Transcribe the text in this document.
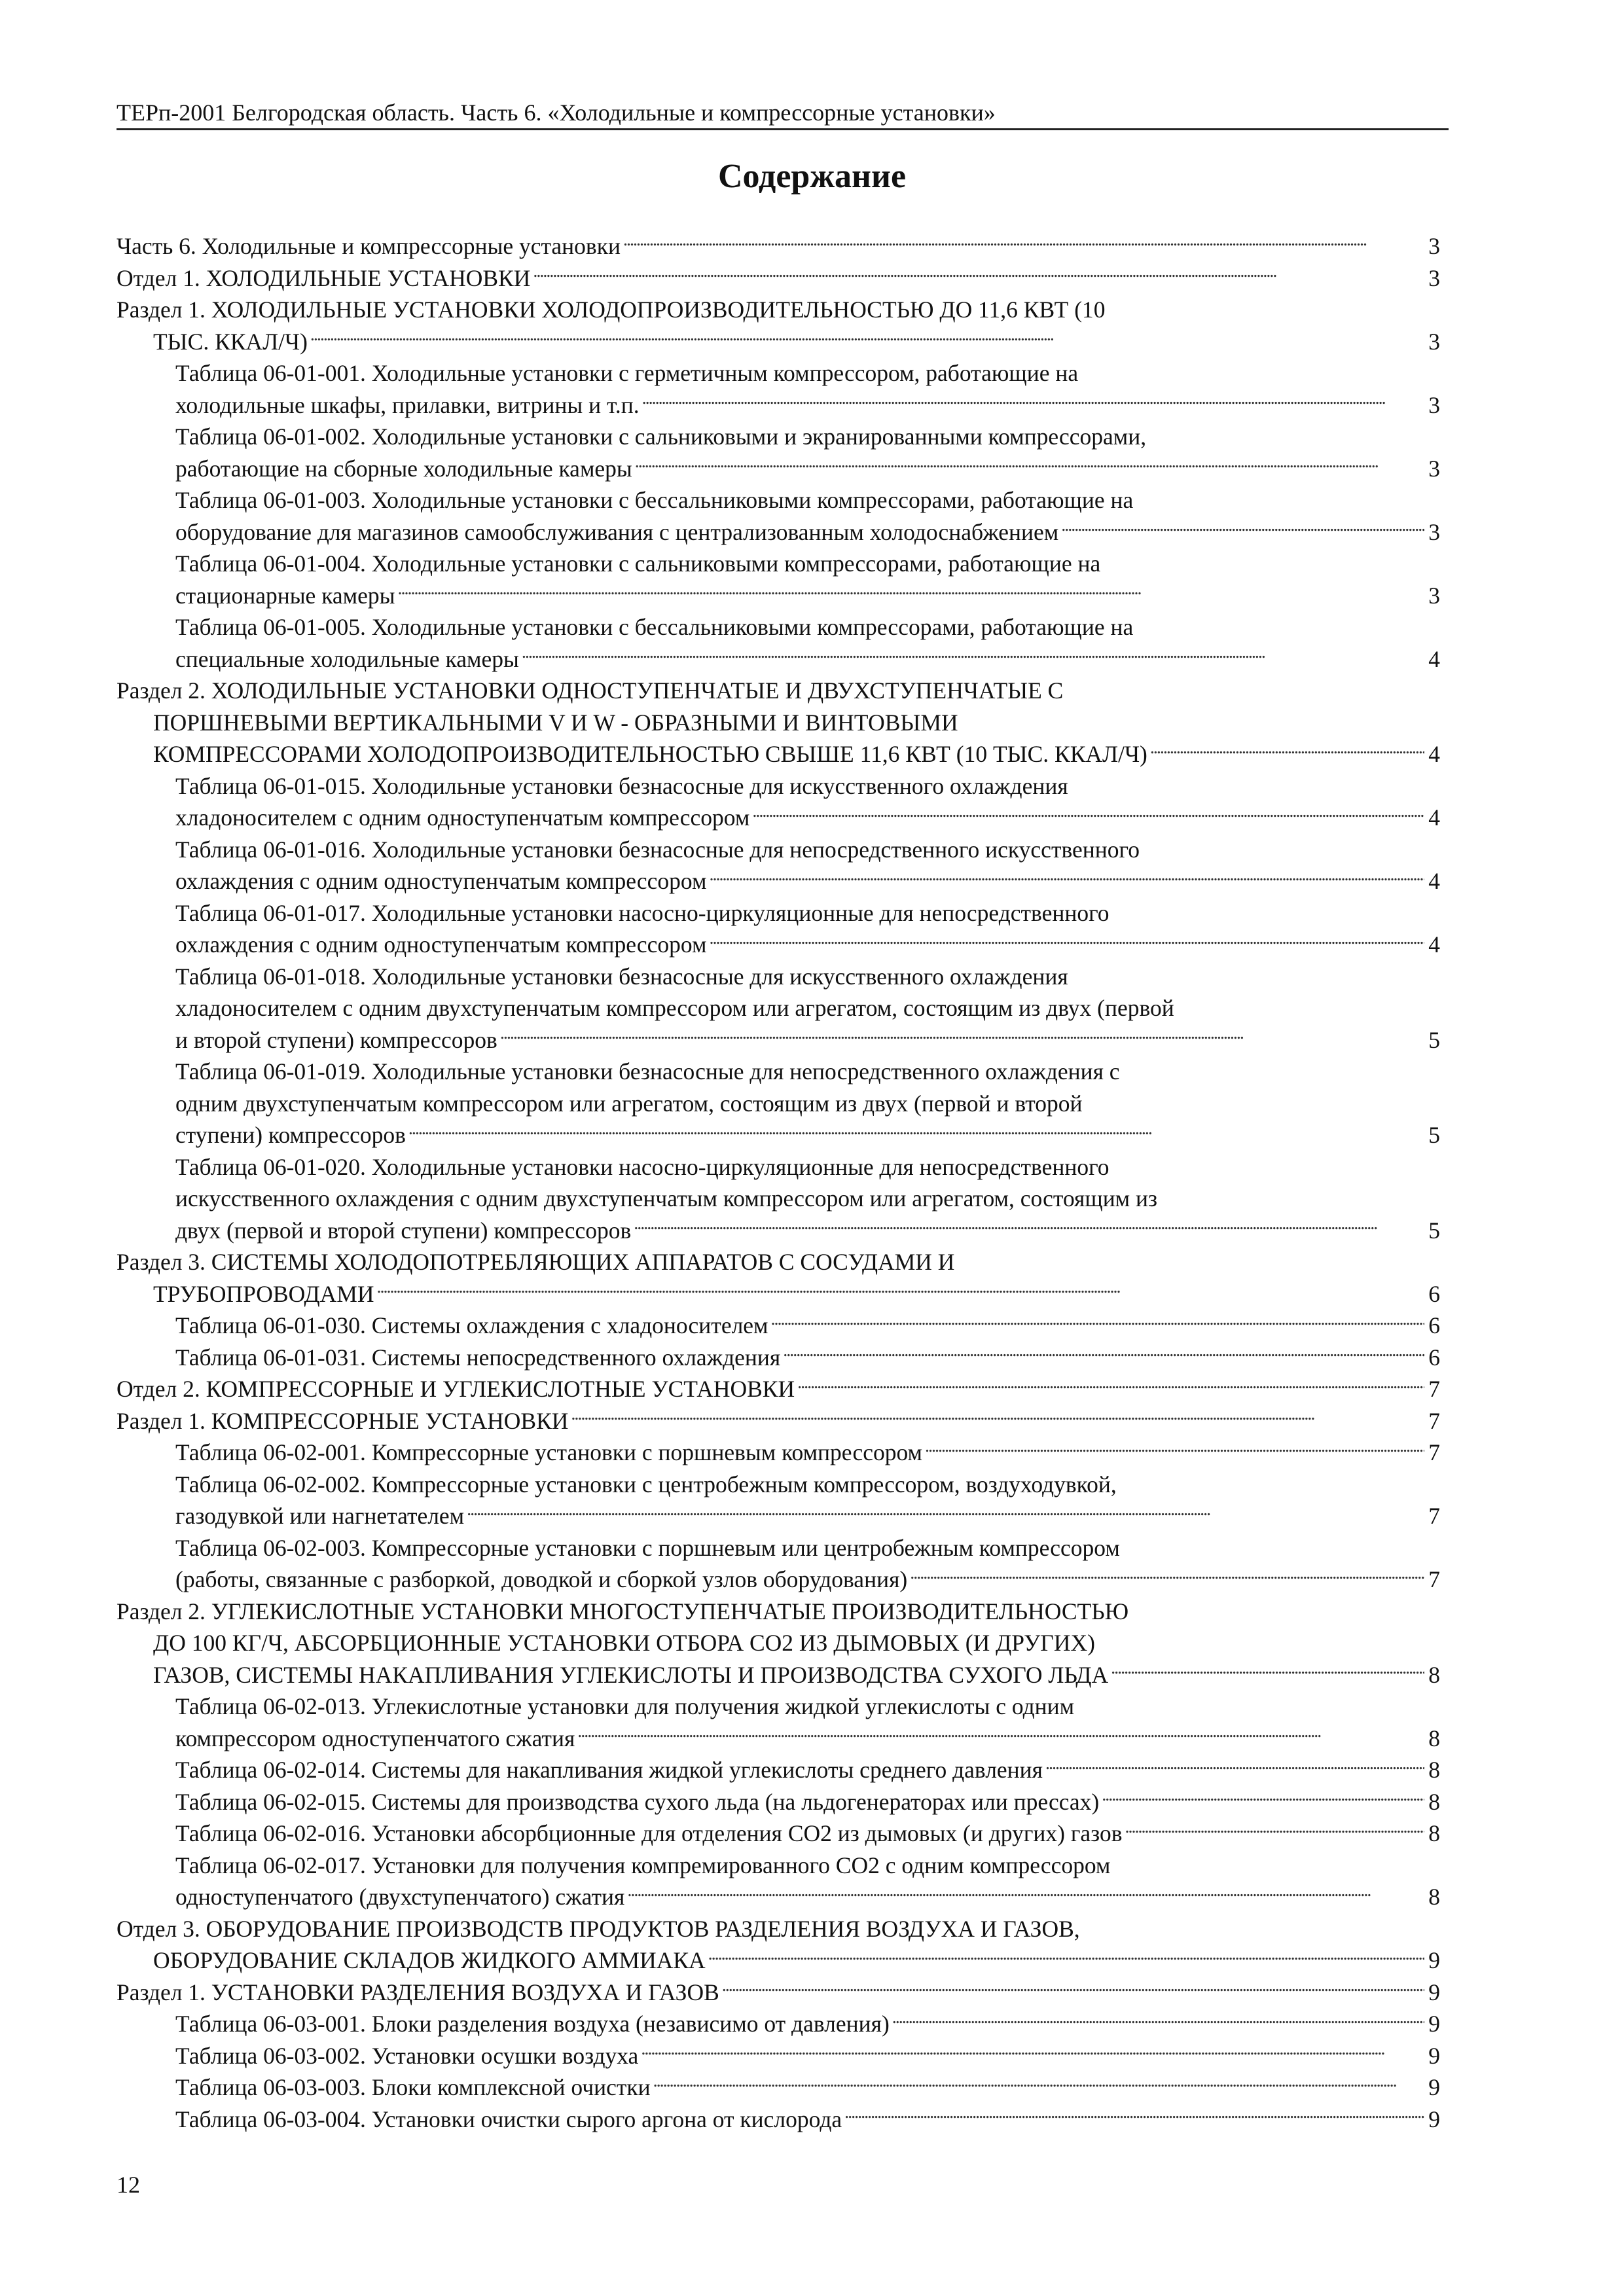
ТЕРп-2001 Белгородская область. Часть 6. «Холодильные и компрессорные установки»
Содержание
Часть 6. Холодильные и компрессорные установки . . .	3
Отдел 1. ХОЛОДИЛЬНЫЕ УСТАНОВКИ . . .	3
Раздел 1. ХОЛОДИЛЬНЫЕ УСТАНОВКИ ХОЛОДОПРОИЗВОДИТЕЛЬНОСТЬЮ ДО 11,6 КВТ (10
ТЫС. ККАЛ/Ч) . . .	3
Таблица 06-01-001. Холодильные установки с герметичным компрессором, работающие на
холодильные шкафы, прилавки, витрины и т.п. . . .	3
Таблица 06-01-002. Холодильные установки с сальниковыми и экранированными компрессорами,
работающие на сборные холодильные камеры . . .	3
Таблица 06-01-003. Холодильные установки с бессальниковыми компрессорами, работающие на
оборудование для магазинов самообслуживания с централизованным холодоснабжением . . .	3
Таблица 06-01-004. Холодильные установки с сальниковыми компрессорами, работающие на
стационарные камеры . . .	3
Таблица 06-01-005. Холодильные установки с бессальниковыми компрессорами, работающие на
специальные холодильные камеры . . .	4
Раздел 2. ХОЛОДИЛЬНЫЕ УСТАНОВКИ ОДНОСТУПЕНЧАТЫЕ И ДВУХСТУПЕНЧАТЫЕ С
ПОРШНЕВЫМИ ВЕРТИКАЛЬНЫМИ V И W - ОБРАЗНЫМИ И ВИНТОВЫМИ
КОМПРЕССОРАМИ ХОЛОДОПРОИЗВОДИТЕЛЬНОСТЬЮ СВЫШЕ 11,6 КВТ (10 ТЫС. ККАЛ/Ч) . . .	4
Таблица 06-01-015. Холодильные установки безнасосные для искусственного охлаждения
хладоносителем с одним одноступенчатым компрессором . . .	4
Таблица 06-01-016. Холодильные установки безнасосные для непосредственного искусственного
охлаждения с одним одноступенчатым компрессором . . .	4
Таблица 06-01-017. Холодильные установки насосно-циркуляционные для непосредственного
охлаждения с одним одноступенчатым компрессором . . .	4
Таблица 06-01-018. Холодильные установки безнасосные для искусственного охлаждения
хладоносителем с одним двухступенчатым компрессором или агрегатом, состоящим из двух (первой
и второй ступени) компрессоров . . .	5
Таблица 06-01-019. Холодильные установки безнасосные для непосредственного охлаждения с
одним двухступенчатым компрессором или агрегатом, состоящим из двух (первой и второй
ступени) компрессоров . . .	5
Таблица 06-01-020. Холодильные установки насосно-циркуляционные для непосредственного
искусственного охлаждения с одним двухступенчатым компрессором или агрегатом, состоящим из
двух (первой и второй ступени) компрессоров . . .	5
Раздел 3. СИСТЕМЫ ХОЛОДОПОТРЕБЛЯЮЩИХ АППАРАТОВ С СОСУДАМИ И
ТРУБОПРОВОДАМИ . . .	6
Таблица 06-01-030. Системы охлаждения с хладоносителем . . .	6
Таблица 06-01-031. Системы непосредственного охлаждения . . .	6
Отдел 2. КОМПРЕССОРНЫЕ И УГЛЕКИСЛОТНЫЕ УСТАНОВКИ . . .	7
Раздел 1. КОМПРЕССОРНЫЕ УСТАНОВКИ . . .	7
Таблица 06-02-001. Компрессорные установки с поршневым компрессором . . .	7
Таблица 06-02-002. Компрессорные установки с центробежным компрессором, воздуходувкой,
газодувкой или нагнетателем . . .	7
Таблица 06-02-003. Компрессорные установки с поршневым или центробежным компрессором
(работы, связанные с разборкой, доводкой и сборкой узлов оборудования) . . .	7
Раздел 2. УГЛЕКИСЛОТНЫЕ УСТАНОВКИ МНОГОСТУПЕНЧАТЫЕ ПРОИЗВОДИТЕЛЬНОСТЬЮ
ДО 100 КГ/Ч, АБСОРБЦИОННЫЕ УСТАНОВКИ ОТБОРА СО2 ИЗ ДЫМОВЫХ (И ДРУГИХ)
ГАЗОВ, СИСТЕМЫ НАКАПЛИВАНИЯ УГЛЕКИСЛОТЫ И ПРОИЗВОДСТВА СУХОГО ЛЬДА . . .	8
Таблица 06-02-013. Углекислотные установки для получения жидкой углекислоты с одним
компрессором одноступенчатого сжатия . . .	8
Таблица 06-02-014. Системы для накапливания жидкой углекислоты среднего давления . . .	8
Таблица 06-02-015. Системы для производства сухого льда (на льдогенераторах или прессах) . . .	8
Таблица 06-02-016. Установки абсорбционные для отделения СО2 из дымовых (и других) газов . . .	8
Таблица 06-02-017. Установки для получения компремированного СО2 с одним компрессором
одноступенчатого (двухступенчатого) сжатия . . .	8
Отдел 3. ОБОРУДОВАНИЕ ПРОИЗВОДСТВ ПРОДУКТОВ РАЗДЕЛЕНИЯ ВОЗДУХА И ГАЗОВ,
ОБОРУДОВАНИЕ СКЛАДОВ ЖИДКОГО АММИАКА . . .	9
Раздел 1. УСТАНОВКИ РАЗДЕЛЕНИЯ ВОЗДУХА И ГАЗОВ . . .	9
Таблица 06-03-001. Блоки разделения воздуха (независимо от давления) . . .	9
Таблица 06-03-002. Установки осушки воздуха . . .	9
Таблица 06-03-003. Блоки комплексной очистки . . .	9
Таблица 06-03-004. Установки очистки сырого аргона от кислорода . . .	9
12
